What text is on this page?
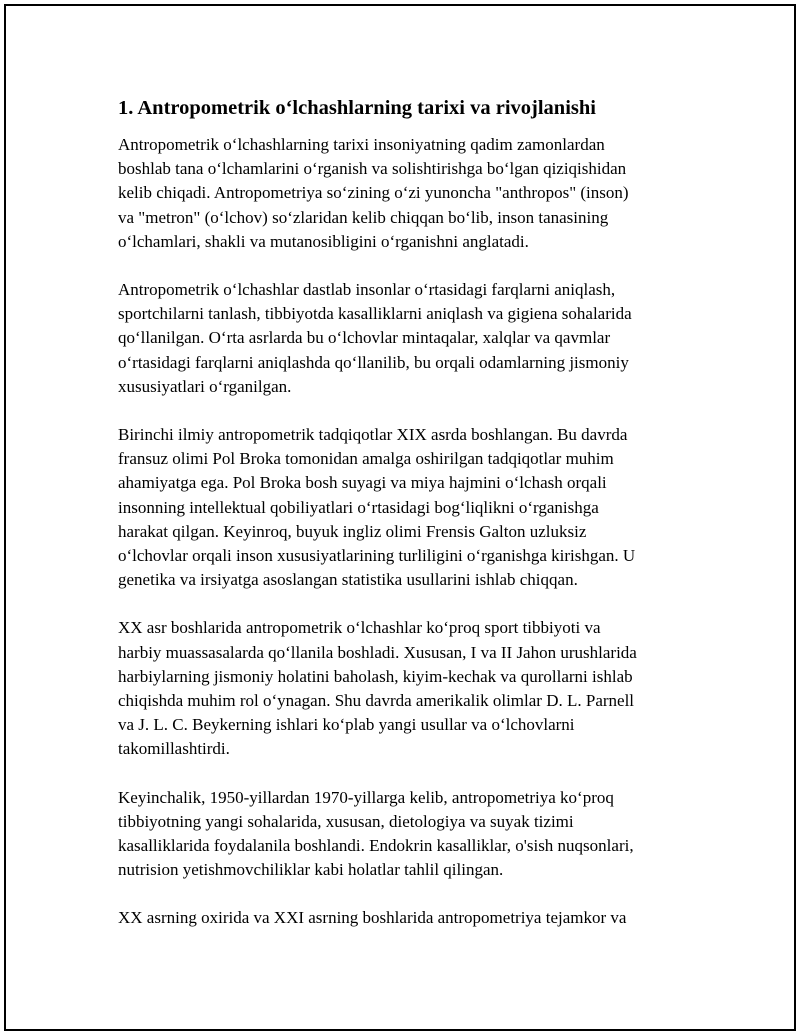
1. Antropometrik o‘lchashlarning tarixi va rivojlanishi
Antropometrik o‘lchashlarning tarixi insoniyatning qadim zamonlardan
boshlab tana o‘lchamlarini o‘rganish va solishtirishga bo‘lgan qiziqishidan
kelib chiqadi. Antropometriya so‘zining o‘zi yunoncha "anthropos" (inson)
va "metron" (o‘lchov) so‘zlaridan kelib chiqqan bo‘lib, inson tanasining
o‘lchamlari, shakli va mutanosibligini o‘rganishni anglatadi.
Antropometrik o‘lchashlar dastlab insonlar o‘rtasidagi farqlarni aniqlash,
sportchilarni tanlash, tibbiyotda kasalliklarni aniqlash va gigiena sohalarida
qo‘llanilgan. O‘rta asrlarda bu o‘lchovlar mintaqalar, xalqlar va qavmlar
o‘rtasidagi farqlarni aniqlashda qo‘llanilib, bu orqali odamlarning jismoniy
xususiyatlari o‘rganilgan.
Birinchi ilmiy antropometrik tadqiqotlar XIX asrda boshlangan. Bu davrda
fransuz olimi Pol Broka tomonidan amalga oshirilgan tadqiqotlar muhim
ahamiyatga ega. Pol Broka bosh suyagi va miya hajmini o‘lchash orqali
insonning intellektual qobiliyatlari o‘rtasidagi bog‘liqlikni o‘rganishga
harakat qilgan. Keyinroq, buyuk ingliz olimi Frensis Galton uzluksiz
o‘lchovlar orqali inson xususiyatlarining turliligini o‘rganishga kirishgan. U
genetika va irsiyatga asoslangan statistika usullarini ishlab chiqqan.
XX asr boshlarida antropometrik o‘lchashlar ko‘proq sport tibbiyoti va
harbiy muassasalarda qo‘llanila boshladi. Xususan, I va II Jahon urushlarida
harbiylarning jismoniy holatini baholash, kiyim-kechak va qurollarni ishlab
chiqishda muhim rol o‘ynagan. Shu davrda amerikalik olimlar D. L. Parnell
va J. L. C. Beykerning ishlari ko‘plab yangi usullar va o‘lchovlarni
takomillashtirdi.
Keyinchalik, 1950-yillardan 1970-yillarga kelib, antropometriya ko‘proq
tibbiyotning yangi sohalarida, xususan, dietologiya va suyak tizimi
kasalliklarida foydalanila boshlandi. Endokrin kasalliklar, o'sish nuqsonlari,
nutrision yetishmovchiliklar kabi holatlar tahlil qilingan.
XX asrning oxirida va XXI asrning boshlarida antropometriya tejamkor va
